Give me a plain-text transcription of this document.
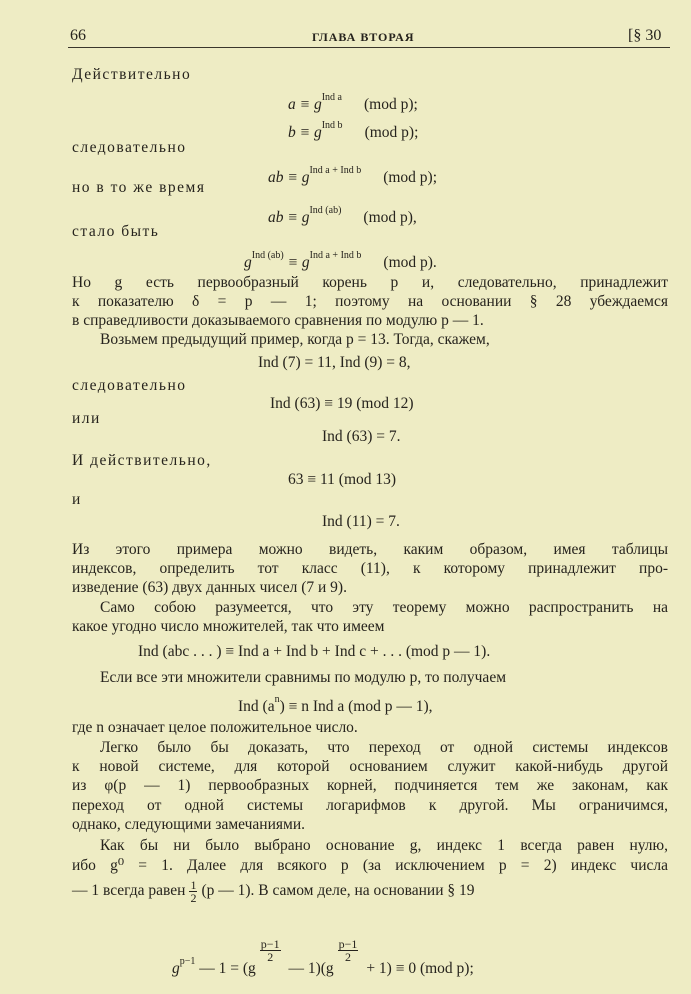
66	ГЛАВА ВТОРАЯ	[§ 30
Действительно
$a \equiv g^{Ind a}$ (mod p);
$b \equiv g^{Ind b}$ (mod p);
следовательно
ab ≡ $g^{Ind a + Ind b}$ (mod p);
но в то же время
ab ≡ $g^{Ind (ab)}$ (mod p),
стало быть
$g^{Ind (ab)} \equiv g^{Ind a + Ind b}$ (mod p).
Но g есть первообразный корень p и, следовательно, принадлежит
к показателю δ = p — 1; поэтому на основании § 28 убеждаемся
в справедливости доказываемого сравнения по модулю p — 1.
Возьмем предыдущий пример, когда p = 13. Тогда, скажем,
Ind (7) = 11, Ind (9) = 8,
следовательно
Ind (63) ≡ 19 (mod 12)
или
Ind (63) = 7.
И действительно,
63 ≡ 11 (mod 13)
и
Ind (11) = 7.
Из этого примера можно видеть, каким образом, имея таблицы
индексов, определить тот класс (11), к которому принадлежит про-
изведение (63) двух данных чисел (7 и 9).
Само собою разумеется, что эту теорему можно распространить на
какое угодно число множителей, так что имеем
Ind (abc . . . ) ≡ Ind a + Ind b + Ind c + . . . (mod p — 1).
Если все эти множители сравнимы по модулю p, то получаем
Ind $(a^n) \equiv n$ Ind a (mod p — 1),
где n означает целое положительное число.
Легко было бы доказать, что переход от одной системы индексов
к новой системе, для которой основанием служит какой-нибудь другой
из φ(p — 1) первообразных корней, подчиняется тем же законам, как
переход от одной системы логарифмов к другой. Мы ограничимся,
однако, следующими замечаниями.
Как бы ни было выбрано основание g, индекс 1 всегда равен нулю,
ибо g⁰ = 1. Далее для всякого p (за исключением p = 2) индекс числа
— 1 всегда равен $\frac{1}{2} (p$ — 1). В самом деле, на основании § 19
$g^{p-1}$ — 1 = (g
$\frac{p-1}{2}$
— 1)(g
$\frac{p-1}{2}$
+ 1) ≡ 0 (mod p);
